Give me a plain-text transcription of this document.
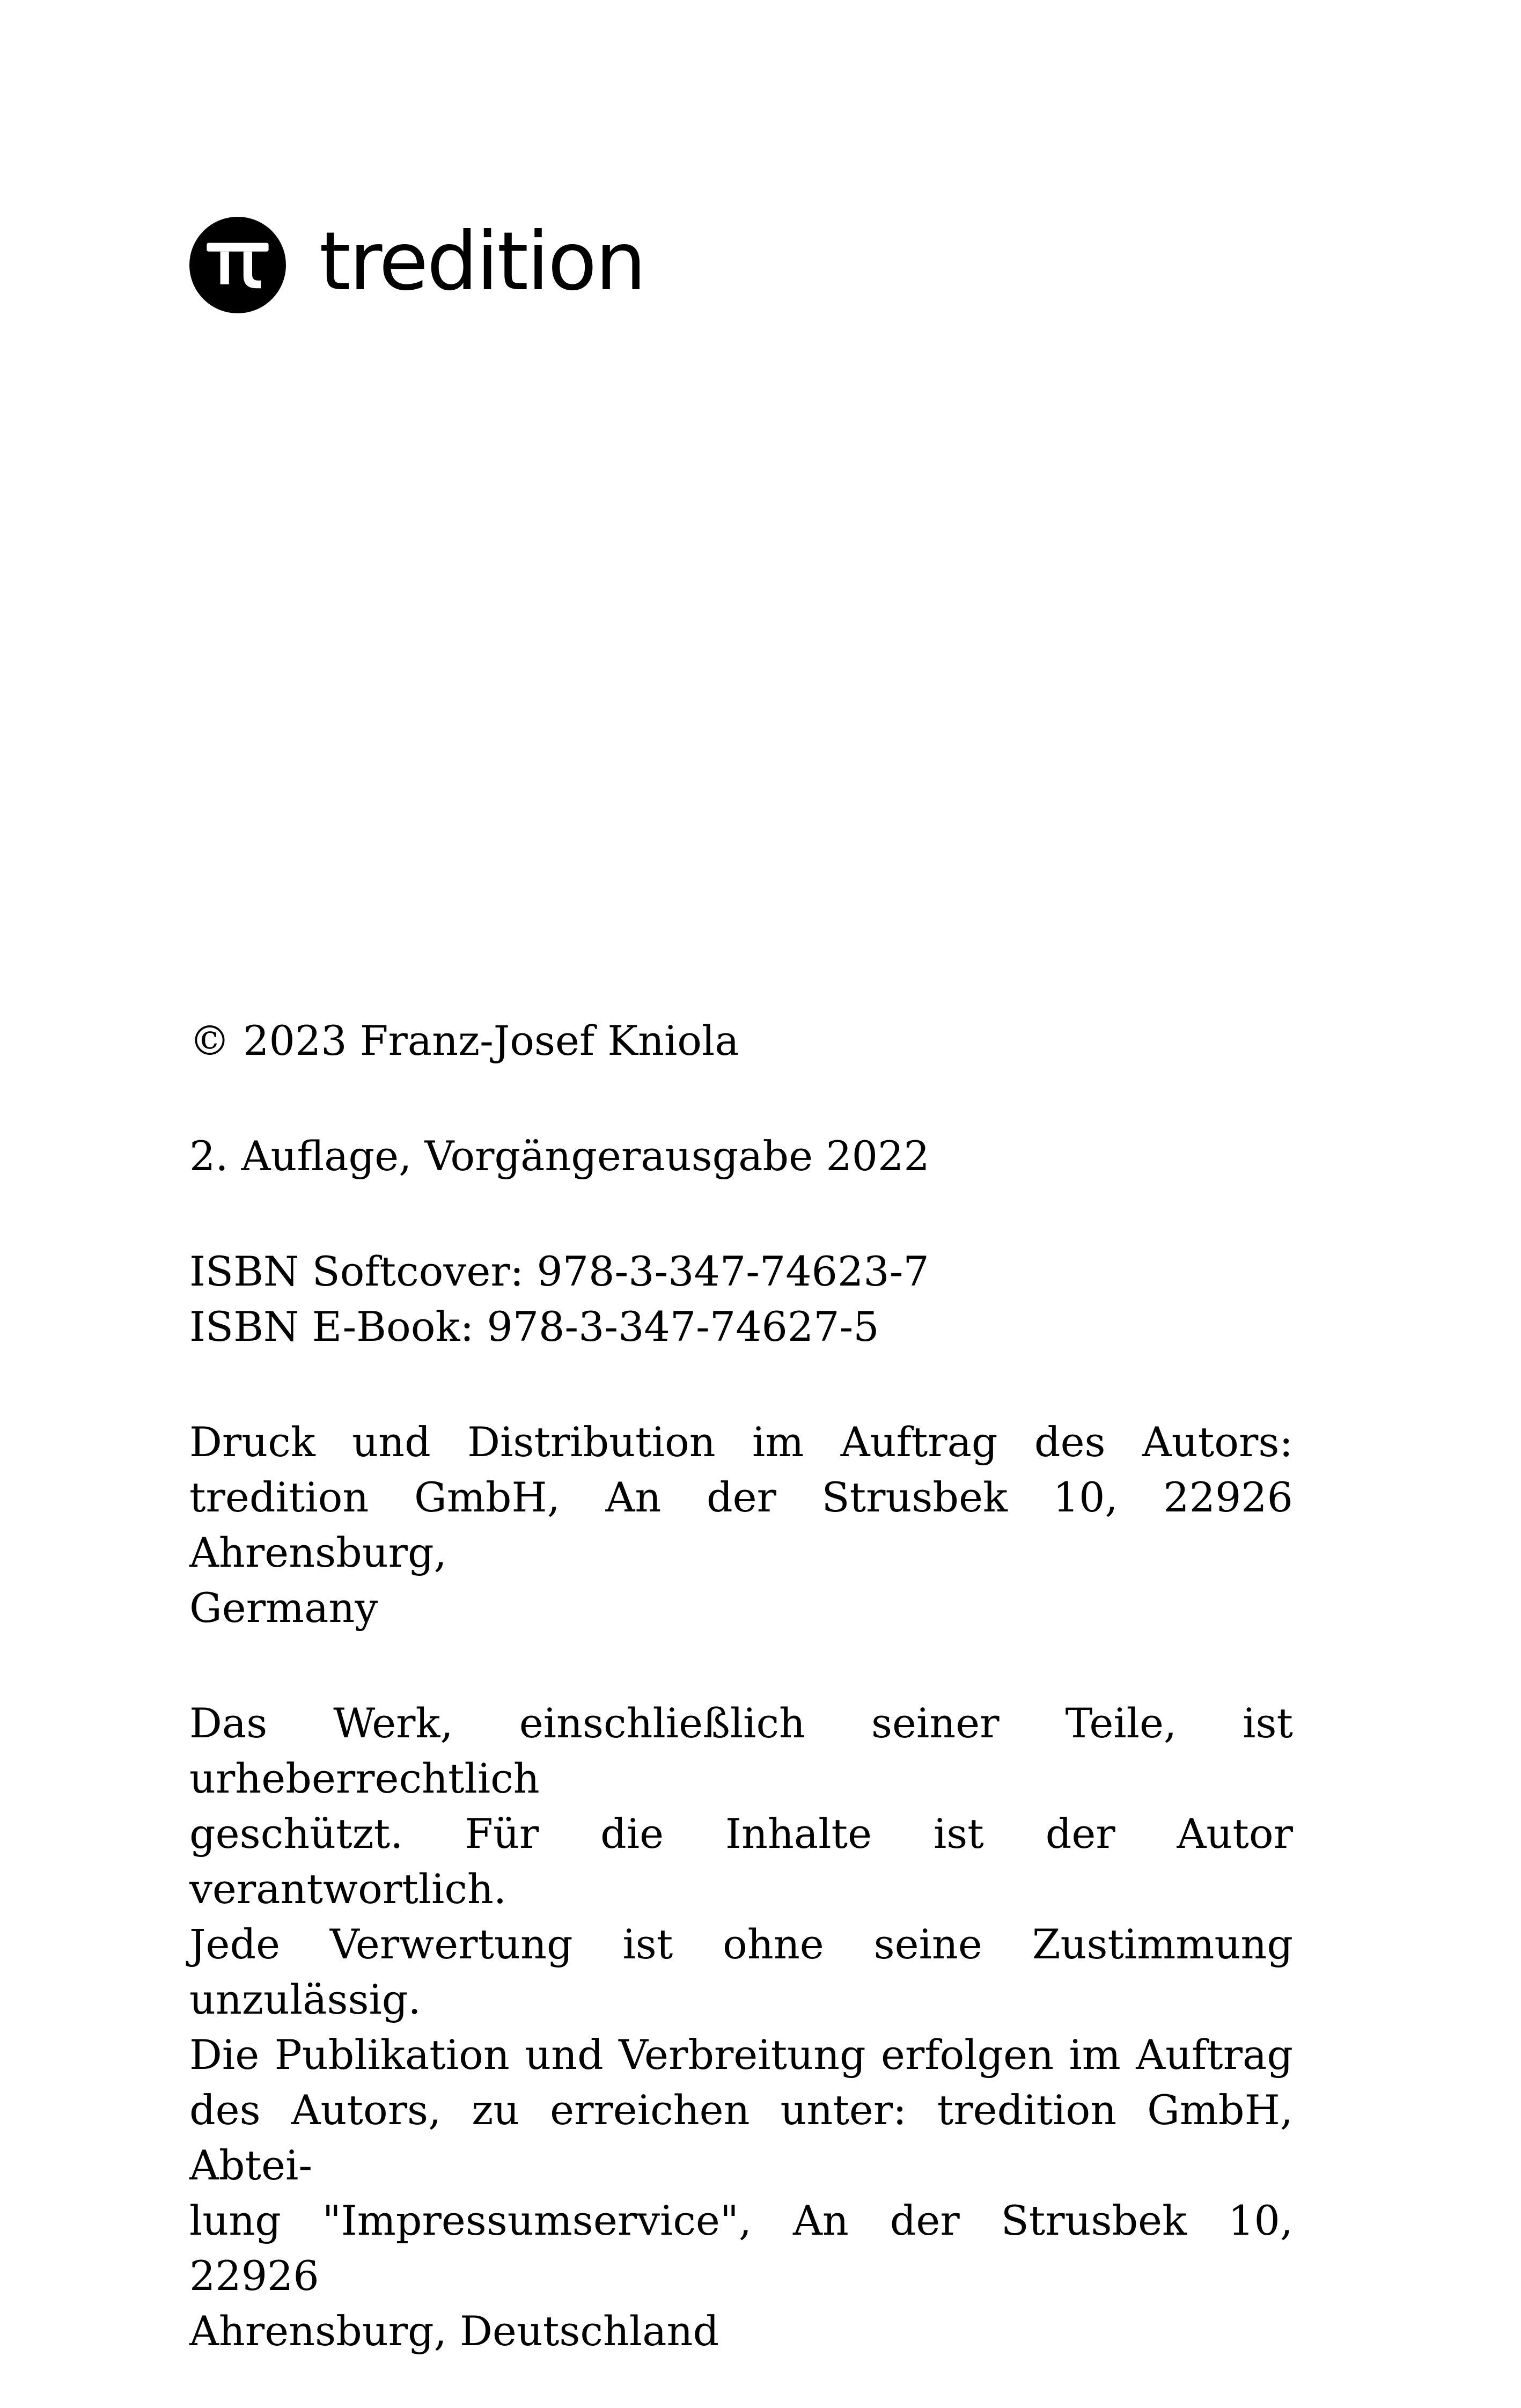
tredition

© 2023 Franz-Josef Kniola

2. Auflage, Vorgängerausgabe 2022

ISBN Softcover: 978-3-347-74623-7

ISBN E-Book: 978-3-347-74627-5

Druck und Distribution im Auftrag des Autors:

tredition GmbH, An der Strusbek 10, 22926 Ahrensburg,

Germany

Das Werk, einschließlich seiner Teile, ist urheberrechtlich

geschützt. Für die Inhalte ist der Autor verantwortlich.

Jede Verwertung ist ohne seine Zustimmung unzulässig.

Die Publikation und Verbreitung erfolgen im Auftrag

des Autors, zu erreichen unter: tredition GmbH, Abtei-

lung "Impressumservice", An der Strusbek 10, 22926

Ahrensburg, Deutschland
